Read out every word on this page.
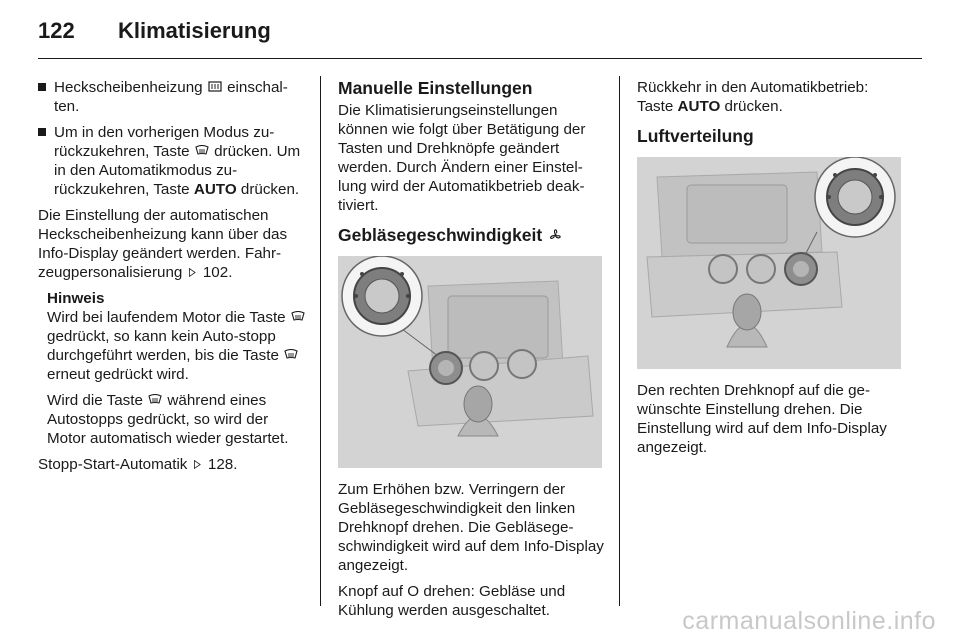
122 Klimatisierung
Heckscheibenheizung einschal-ten.
Um in den vorherigen Modus zu-rückzukehren, Taste drücken. Um in den Automatikmodus zu-rückzukehren, Taste AUTO drücken.

Die Einstellung der automatischen Heckscheibenheizung kann über das Info-Display geändert werden. Fahr-zeugpersonalisierung 102.

Hinweis

Wird bei laufendem Motor die Taste  gedrückt, so kann kein Auto-stopp durchgeführt werden, bis die Taste  erneut gedrückt wird.

Wird die Taste während eines Autostopps gedrückt, so wird der Motor automatisch wieder gestartet.

Stopp-Start-Automatik 128.

Manuelle Einstellungen

Die Klimatisierungseinstellungen können wie folgt über Betätigung der Tasten und Drehknöpfe geändert werden. Durch Ändern einer Einstel-lung wird der Automatikbetrieb deak-tiviert.

Gebläsegeschwindigkeit

Zum Erhöhen bzw. Verringern der Gebläsegeschwindigkeit den linken Drehknopf drehen. Die Gebläsege-schwindigkeit wird auf dem Info-Display angezeigt.

Knopf auf O drehen: Gebläse und Kühlung werden ausgeschaltet.

Rückkehr in den Automatikbetrieb: Taste AUTO drücken.

Luftverteilung

Den rechten Drehknopf auf die ge-wünschte Einstellung drehen. Die Einstellung wird auf dem Info-Display angezeigt.

carmanualsonline.info
